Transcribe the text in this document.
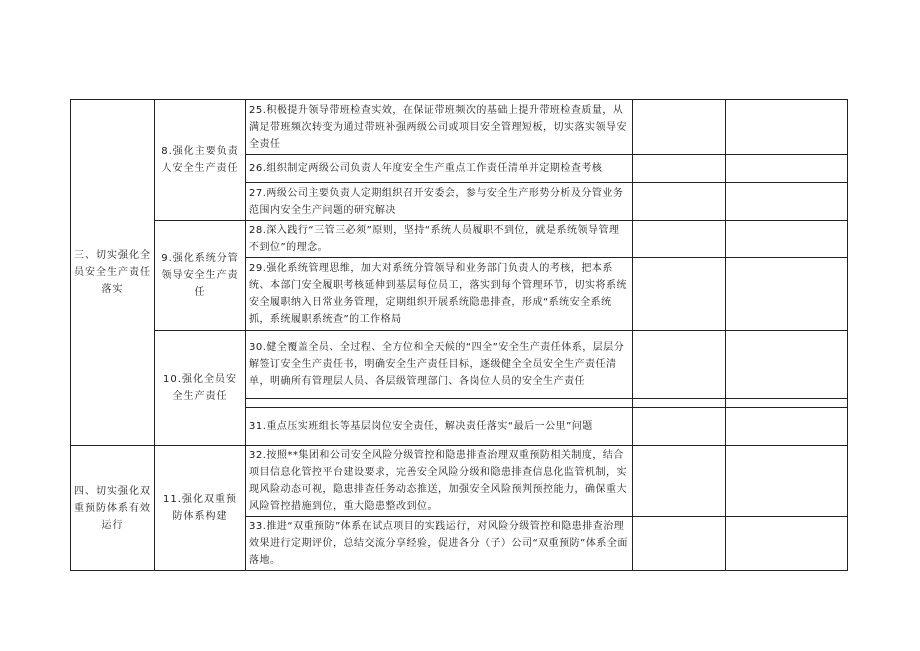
三、切实强化全员安全生产责任落实	8.强化主要负责人安全生产责任	25.积极提升领导带班检查实效，在保证带班频次的基础上提升带班检查质量，从满足带班频次转变为通过带班补强两级公司或项目安全管理短板，切实落实领导安全责任		
		26.组织制定两级公司负责人年度安全生产重点工作责任清单并定期检查考核		
		27.两级公司主要负责人定期组织召开安委会，参与安全生产形势分析及分管业务范围内安全生产问题的研究解决		
	9.强化系统分管领导安全生产责任	28.深入践行“三管三必须”原则，坚持“系统人员履职不到位，就是系统领导管理不到位”的理念。		
		29.强化系统管理思维，加大对系统分管领导和业务部门负责人的考核，把本系统、本部门安全履职考核延伸到基层每位员工，落实到每个管理环节，切实将系统安全履职纳入日常业务管理，定期组织开展系统隐患排查，形成“系统安全系统抓，系统履职系统查”的工作格局		
	10.强化全员安全生产责任	30.健全覆盖全员、全过程、全方位和全天候的“四全”安全生产责任体系，层层分解签订安全生产责任书，明确安全生产责任目标，逐级健全全员安全生产责任清单，明确所有管理层人员、各层级管理部门、各岗位人员的安全生产责任		

		31.重点压实班组长等基层岗位安全责任，解决责任落实“最后一公里”问题		
四、切实强化双重预防体系有效运行	11.强化双重预防体系构建	32.按照**集团和公司安全风险分级管控和隐患排查治理双重预防相关制度，结合项目信息化管控平台建设要求，完善安全风险分级和隐患排查信息化监管机制，实现风险动态可视，隐患排查任务动态推送，加强安全风险预判预控能力，确保重大风险管控措施到位，重大隐患整改到位。		
		33.推进“双重预防”体系在试点项目的实践运行，对风险分级管控和隐患排查治理效果进行定期评价，总结交流分享经验，促进各分（子）公司“双重预防”体系全面落地。		
